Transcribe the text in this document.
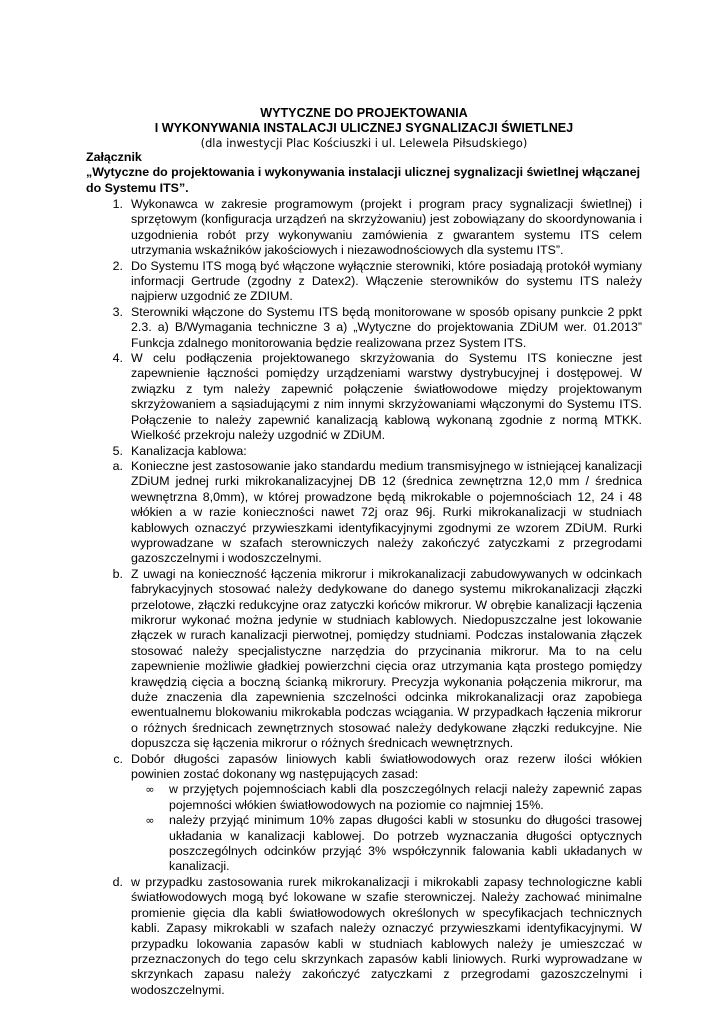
WYTYCZNE DO PROJEKTOWANIA
I WYKONYWANIA INSTALACJI ULICZNEJ SYGNALIZACJI ŚWIETLNEJ
(dla inwestycji Plac Kościuszki i ul. Lelewela Piłsudskiego)
Załącznik
„Wytyczne do projektowania i wykonywania instalacji ulicznej sygnalizacji świetlnej włączanej do Systemu ITS”.
1. Wykonawca w zakresie programowym (projekt i program pracy sygnalizacji świetlnej) i sprzętowym (konfiguracja urządzeń na skrzyżowaniu) jest zobowiązany do skoordynowania i uzgodnienia robót przy wykonywaniu zamówienia z gwarantem systemu ITS celem utrzymania wskaźników jakościowych i niezawodnościowych dla systemu ITS”.
2. Do Systemu ITS mogą być włączone wyłącznie sterowniki, które posiadają protokół wymiany informacji Gertrude (zgodny z Datex2). Włączenie sterowników do systemu ITS należy najpierw uzgodnić ze ZDIUM.
3. Sterowniki włączone do Systemu ITS będą monitorowane w sposób opisany punkcie 2 ppkt 2.3. a) B/Wymagania techniczne 3 a) „Wytyczne do projektowania ZDiUM wer. 01.2013” Funkcja zdalnego monitorowania będzie realizowana przez System ITS.
4. W celu podłączenia projektowanego skrzyżowania do Systemu ITS konieczne jest zapewnienie łączności pomiędzy urządzeniami warstwy dystrybucyjnej i dostępowej. W związku z tym należy zapewnić połączenie światłowodowe między projektowanym skrzyżowaniem a sąsiadującymi z nim innymi skrzyżowaniami włączonymi do Systemu ITS. Połączenie to należy zapewnić kanalizacją kablową wykonaną zgodnie z normą MTKK. Wielkość przekroju należy uzgodnić w ZDiUM.
5. Kanalizacja kablowa:
a. Konieczne jest zastosowanie jako standardu medium transmisyjnego w istniejącej kanalizacji ZDiUM jednej rurki mikrokanalizacyjnej DB 12 (średnica zewnętrzna 12,0 mm / średnica wewnętrzna 8,0mm), w której prowadzone będą mikrokable o pojemnościach 12, 24 i 48 włókien a w razie konieczności nawet 72j oraz 96j. Rurki mikrokanalizacji w studniach kablowych oznaczyć przywieszkami identyfikacyjnymi zgodnymi ze wzorem ZDiUM. Rurki wyprowadzane w szafach sterowniczych należy zakończyć zatyczkami z przegrodami gazoszczelnymi i wodoszczelnymi.
b. Z uwagi na konieczność łączenia mikrorur i mikrokanalizacji zabudowywanych w odcinkach fabrykacyjnych stosować należy dedykowane do danego systemu mikrokanalizacji złączki przelotowe, złączki redukcyjne oraz zatyczki końców mikrorur. W obrębie kanalizacji łączenia mikrorur wykonać można jedynie w studniach kablowych. Niedopuszczalne jest lokowanie złączek w rurach kanalizacji pierwotnej, pomiędzy studniami. Podczas instalowania złączek stosować należy specjalistyczne narzędzia do przycinania mikrorur. Ma to na celu zapewnienie możliwie gładkiej powierzchni cięcia oraz utrzymania kąta prostego pomiędzy krawędzią cięcia a boczną ścianką mikrorury. Precyzja wykonania połączenia mikrorur, ma duże znaczenia dla zapewnienia szczelności odcinka mikrokanalizacji oraz zapobiega ewentualnemu blokowaniu mikrokabla podczas wciągania. W przypadkach łączenia mikrorur o różnych średnicach zewnętrznych stosować należy dedykowane złączki redukcyjne. Nie dopuszcza się łączenia mikrorur o różnych średnicach wewnętrznych.
c. Dobór długości zapasów liniowych kabli światłowodowych oraz rezerw ilości włókien powinien zostać dokonany wg następujących zasad:
∞	w przyjętych pojemnościach kabli dla poszczególnych relacji należy zapewnić zapas pojemności włókien światłowodowych na poziomie co najmniej 15%.
∞	należy przyjąć minimum 10% zapas długości kabli w stosunku do długości trasowej układania w kanalizacji kablowej. Do potrzeb wyznaczania długości optycznych poszczególnych odcinków przyjąć 3% współczynnik falowania kabli układanych w kanalizacji.
d. w przypadku zastosowania rurek mikrokanalizacji i mikrokabli zapasy technologiczne kabli światłowodowych mogą być lokowane w szafie sterowniczej. Należy zachować minimalne promienie gięcia dla kabli światłowodowych określonych w specyfikacjach technicznych kabli. Zapasy mikrokabli w szafach należy oznaczyć przywieszkami identyfikacyjnymi. W przypadku lokowania zapasów kabli w studniach kablowych należy je umieszczać w przeznaczonych do tego celu skrzynkach zapasów kabli liniowych. Rurki wyprowadzane w skrzynkach zapasu należy zakończyć zatyczkami z przegrodami gazoszczelnymi i wodoszczelnymi.
